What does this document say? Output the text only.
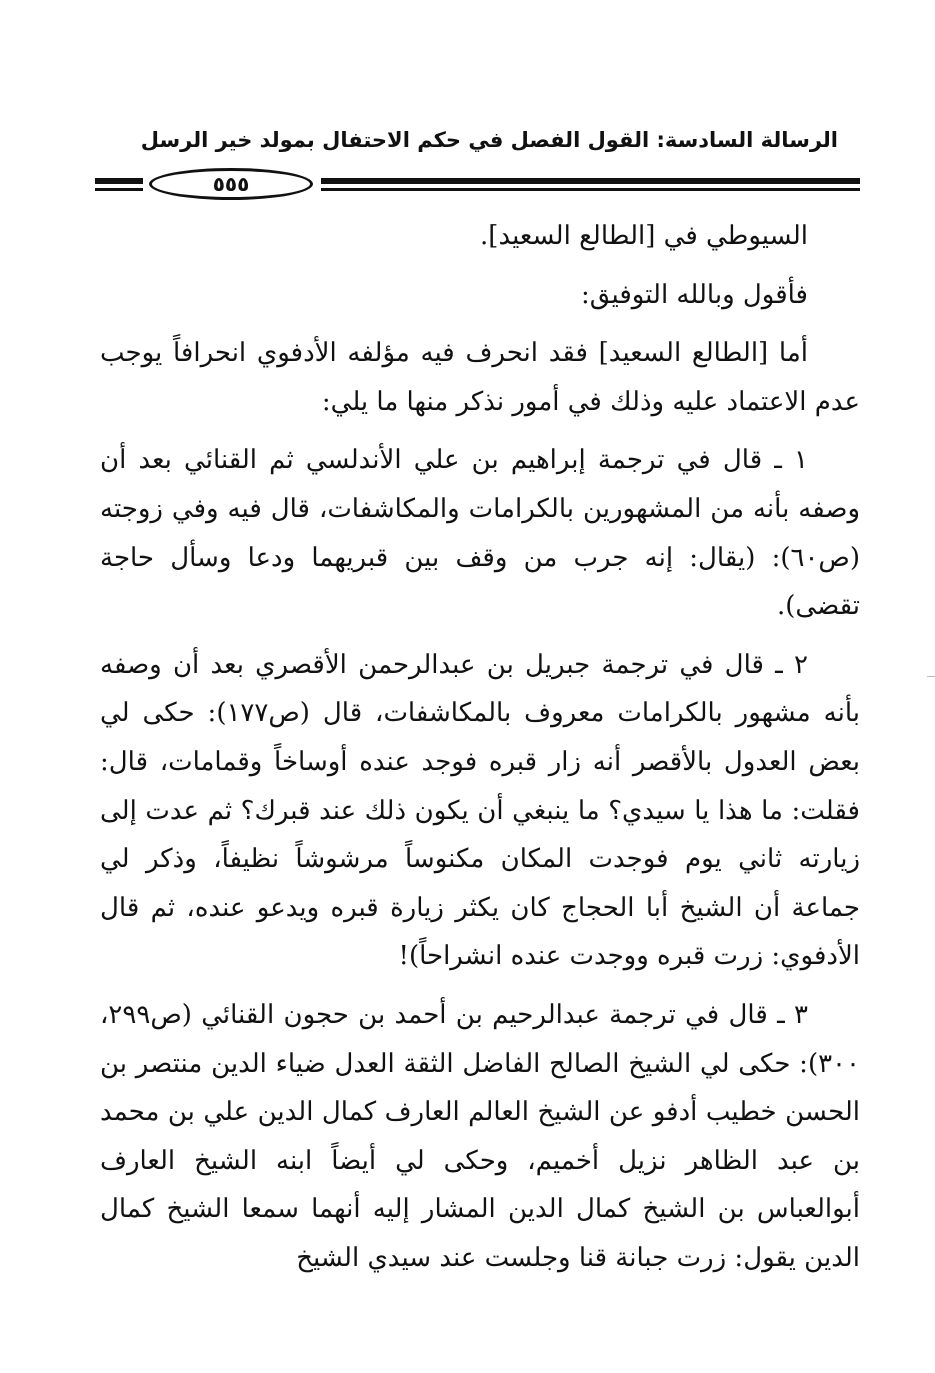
الرسالة السادسة: القول الفصل في حكم الاحتفال بمولد خير الرسل
٥٥٥

السيوطي في [الطالع السعيد].

فأقول وبالله التوفيق:

أما [الطالع السعيد] فقد انحرف فيه مؤلفه الأدفوي انحرافاً يوجب عدم الاعتماد عليه وذلك في أمور نذكر منها ما يلي:

١ ـ قال في ترجمة إبراهيم بن علي الأندلسي ثم القنائي بعد أن وصفه بأنه من المشهورين بالكرامات والمكاشفات، قال فيه وفي زوجته (ص٦٠): (يقال: إنه جرب من وقف بين قبريهما ودعا وسأل حاجة تقضى).

٢ ـ قال في ترجمة جبريل بن عبدالرحمن الأقصري بعد أن وصفه بأنه مشهور بالكرامات معروف بالمكاشفات، قال (ص١٧٧): حكى لي بعض العدول بالأقصر أنه زار قبره فوجد عنده أوساخاً وقمامات، قال: فقلت: ما هذا يا سيدي؟ ما ينبغي أن يكون ذلك عند قبرك؟ ثم عدت إلى زيارته ثاني يوم فوجدت المكان مكنوساً مرشوشاً نظيفاً، وذكر لي جماعة أن الشيخ أبا الحجاج كان يكثر زيارة قبره ويدعو عنده، ثم قال الأدفوي: زرت قبره ووجدت عنده انشراحاً)!

٣ ـ قال في ترجمة عبدالرحيم بن أحمد بن حجون القنائي (ص٢٩٩، ٣٠٠): حكى لي الشيخ الصالح الفاضل الثقة العدل ضياء الدين منتصر بن الحسن خطيب أدفو عن الشيخ العالم العارف كمال الدين علي بن محمد بن عبد الظاهر نزيل أخميم، وحكى لي أيضاً ابنه الشيخ العارف أبوالعباس بن الشيخ كمال الدين المشار إليه أنهما سمعا الشيخ كمال الدين يقول: زرت جبانة قنا وجلست عند سيدي الشيخ
